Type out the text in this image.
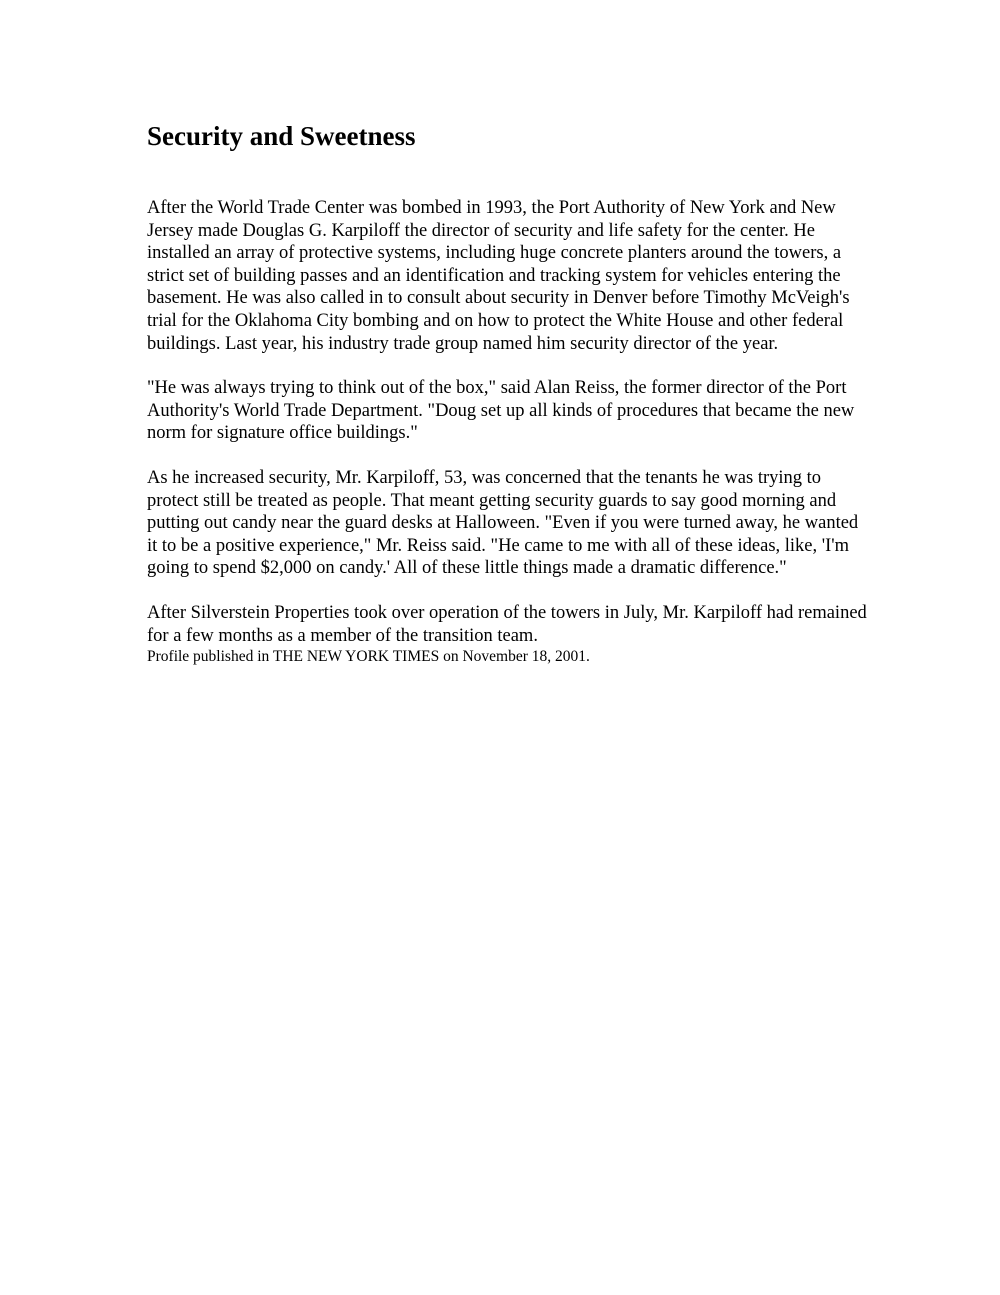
Security and Sweetness

After the World Trade Center was bombed in 1993, the Port Authority of New York and New Jersey made Douglas G. Karpiloff the director of security and life safety for the center. He installed an array of protective systems, including huge concrete planters around the towers, a strict set of building passes and an identification and tracking system for vehicles entering the basement. He was also called in to consult about security in Denver before Timothy McVeigh's trial for the Oklahoma City bombing and on how to protect the White House and other federal buildings. Last year, his industry trade group named him security director of the year.

"He was always trying to think out of the box," said Alan Reiss, the former director of the Port Authority's World Trade Department. "Doug set up all kinds of procedures that became the new norm for signature office buildings."

As he increased security, Mr. Karpiloff, 53, was concerned that the tenants he was trying to protect still be treated as people. That meant getting security guards to say good morning and putting out candy near the guard desks at Halloween. "Even if you were turned away, he wanted it to be a positive experience," Mr. Reiss said. "He came to me with all of these ideas, like, 'I'm going to spend $2,000 on candy.' All of these little things made a dramatic difference."

After Silverstein Properties took over operation of the towers in July, Mr. Karpiloff had remained for a few months as a member of the transition team.

Profile published in THE NEW YORK TIMES on November 18, 2001.
